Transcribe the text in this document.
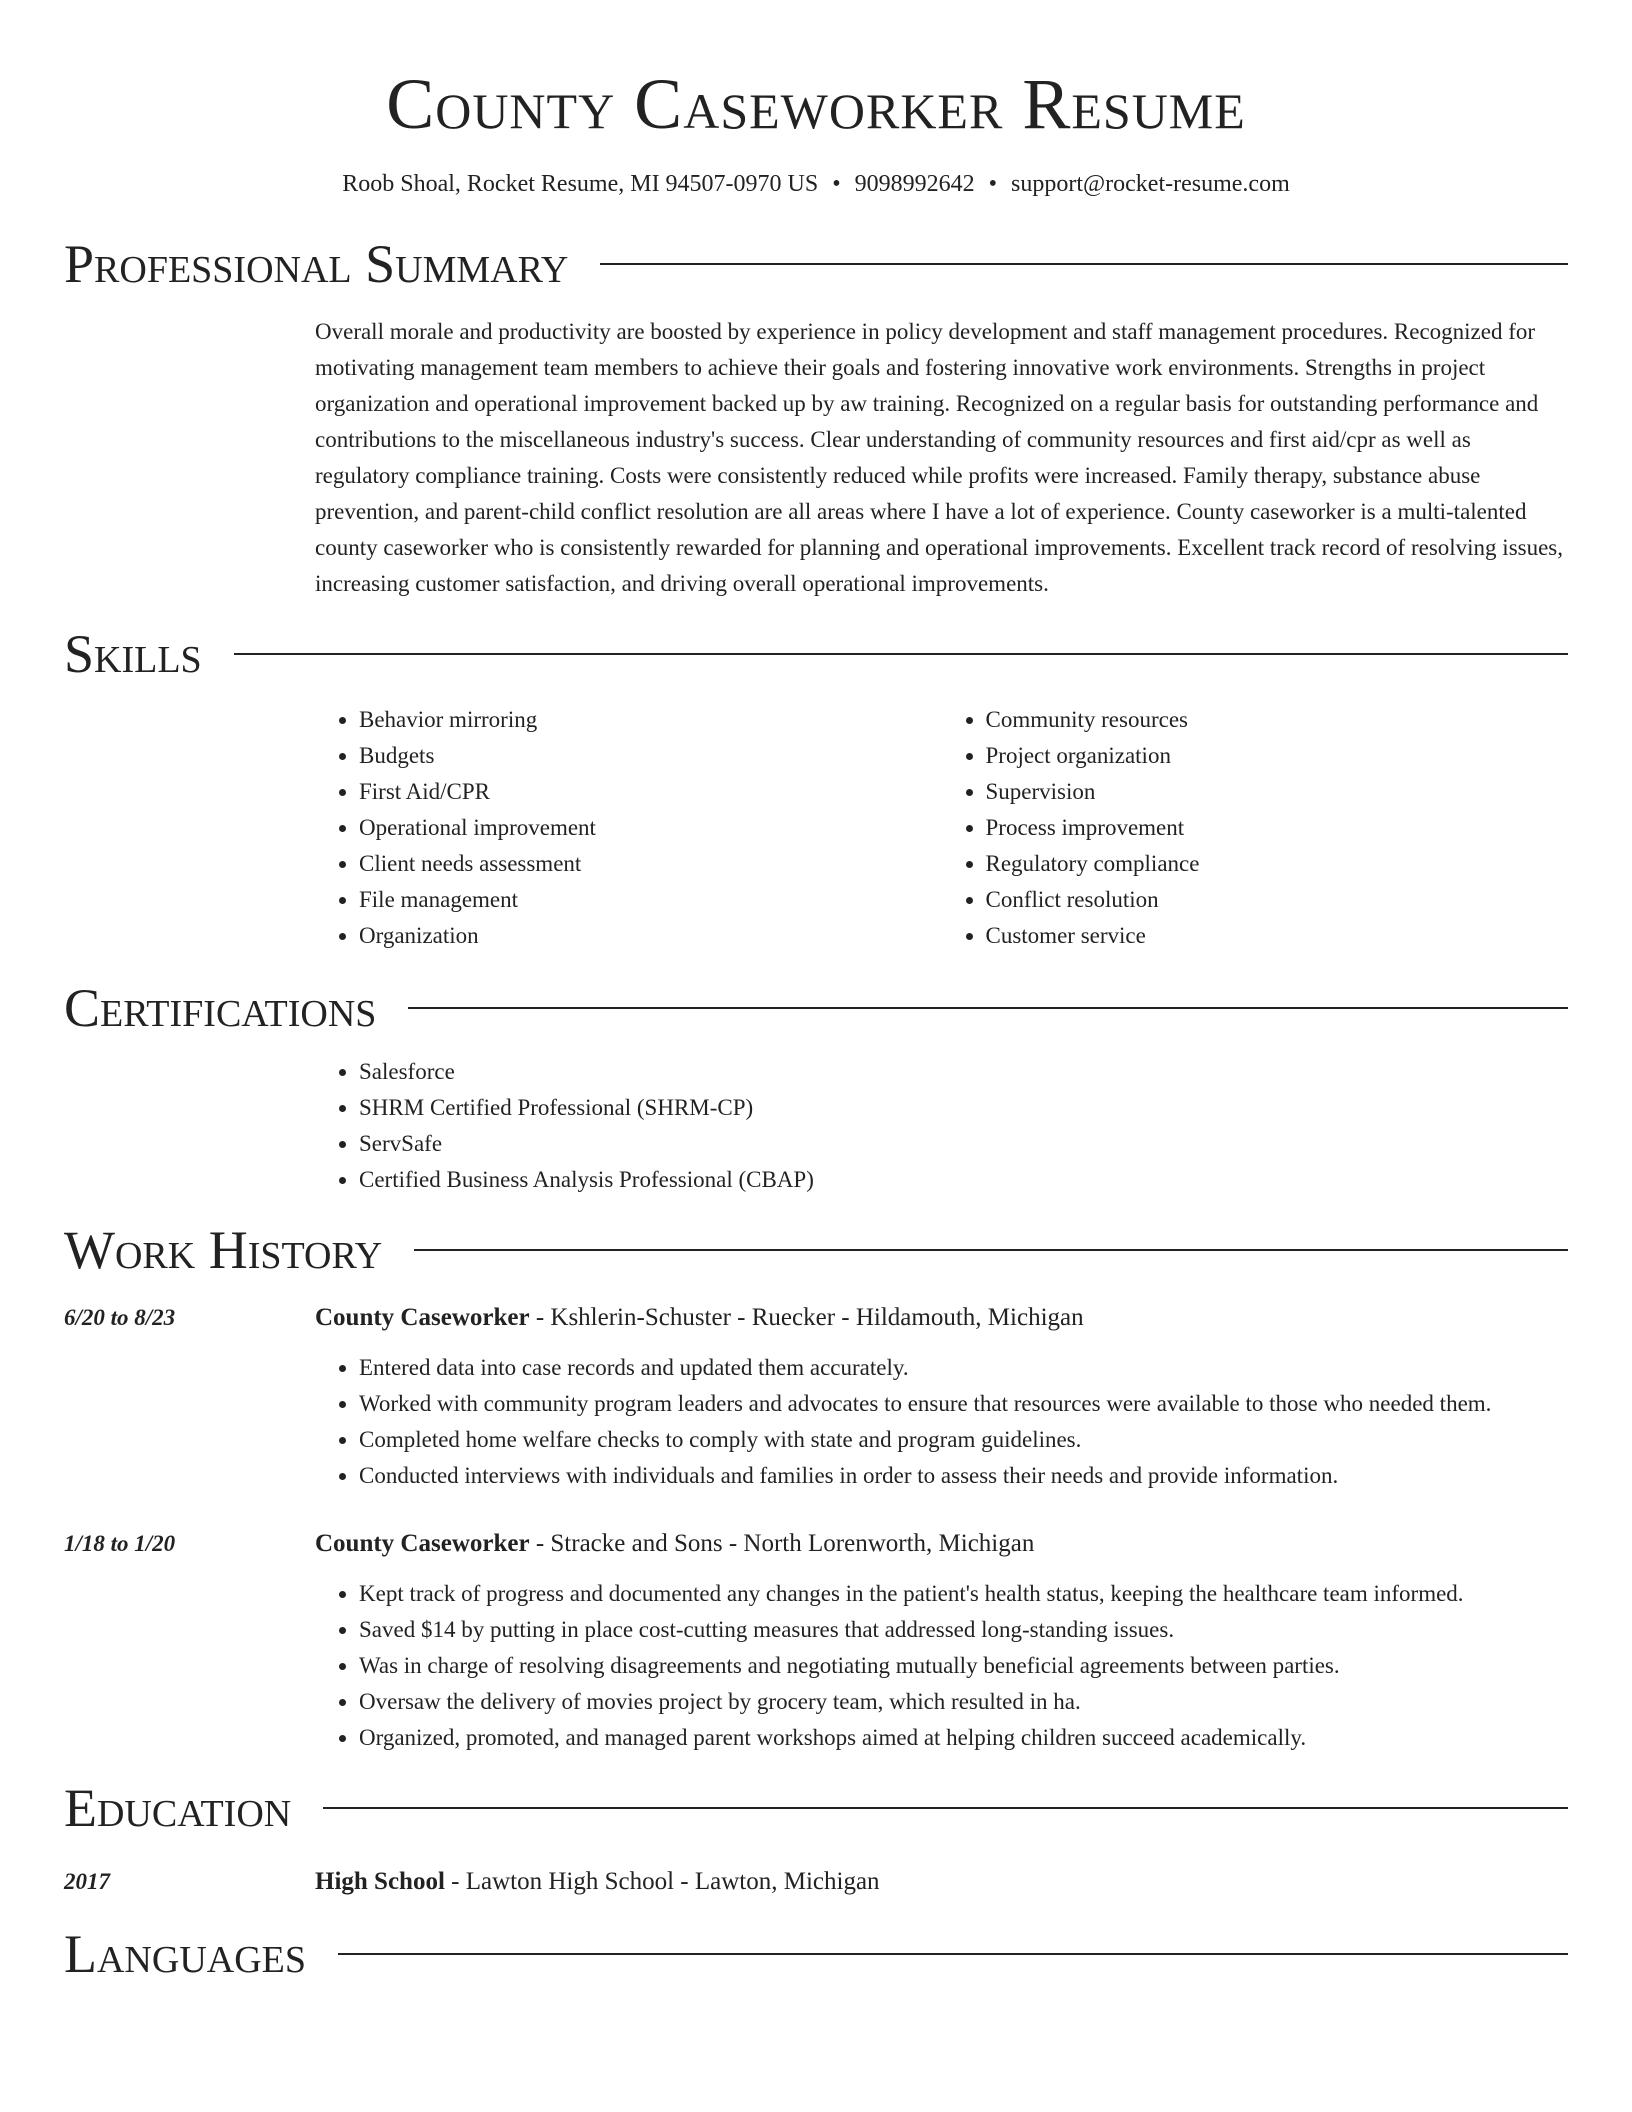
County Caseworker Resume
Roob Shoal, Rocket Resume, MI 94507-0970 US • 9098992642 • support@rocket-resume.com
Professional Summary
Overall morale and productivity are boosted by experience in policy development and staff management procedures. Recognized for motivating management team members to achieve their goals and fostering innovative work environments. Strengths in project organization and operational improvement backed up by aw training. Recognized on a regular basis for outstanding performance and contributions to the miscellaneous industry's success. Clear understanding of community resources and first aid/cpr as well as regulatory compliance training. Costs were consistently reduced while profits were increased. Family therapy, substance abuse prevention, and parent-child conflict resolution are all areas where I have a lot of experience. County caseworker is a multi-talented county caseworker who is consistently rewarded for planning and operational improvements. Excellent track record of resolving issues, increasing customer satisfaction, and driving overall operational improvements.
Skills
• Behavior mirroring
• Budgets
• First Aid/CPR
• Operational improvement
• Client needs assessment
• File management
• Organization
• Community resources
• Project organization
• Supervision
• Process improvement
• Regulatory compliance
• Conflict resolution
• Customer service
Certifications
• Salesforce
• SHRM Certified Professional (SHRM-CP)
• ServSafe
• Certified Business Analysis Professional (CBAP)
Work History
6/20 to 8/23	County Caseworker - Kshlerin-Schuster - Ruecker - Hildamouth, Michigan
• Entered data into case records and updated them accurately.
• Worked with community program leaders and advocates to ensure that resources were available to those who needed them.
• Completed home welfare checks to comply with state and program guidelines.
• Conducted interviews with individuals and families in order to assess their needs and provide information.
1/18 to 1/20	County Caseworker - Stracke and Sons - North Lorenworth, Michigan
• Kept track of progress and documented any changes in the patient's health status, keeping the healthcare team informed.
• Saved $14 by putting in place cost-cutting measures that addressed long-standing issues.
• Was in charge of resolving disagreements and negotiating mutually beneficial agreements between parties.
• Oversaw the delivery of movies project by grocery team, which resulted in ha.
• Organized, promoted, and managed parent workshops aimed at helping children succeed academically.
Education
2017	High School - Lawton High School - Lawton, Michigan
Languages
